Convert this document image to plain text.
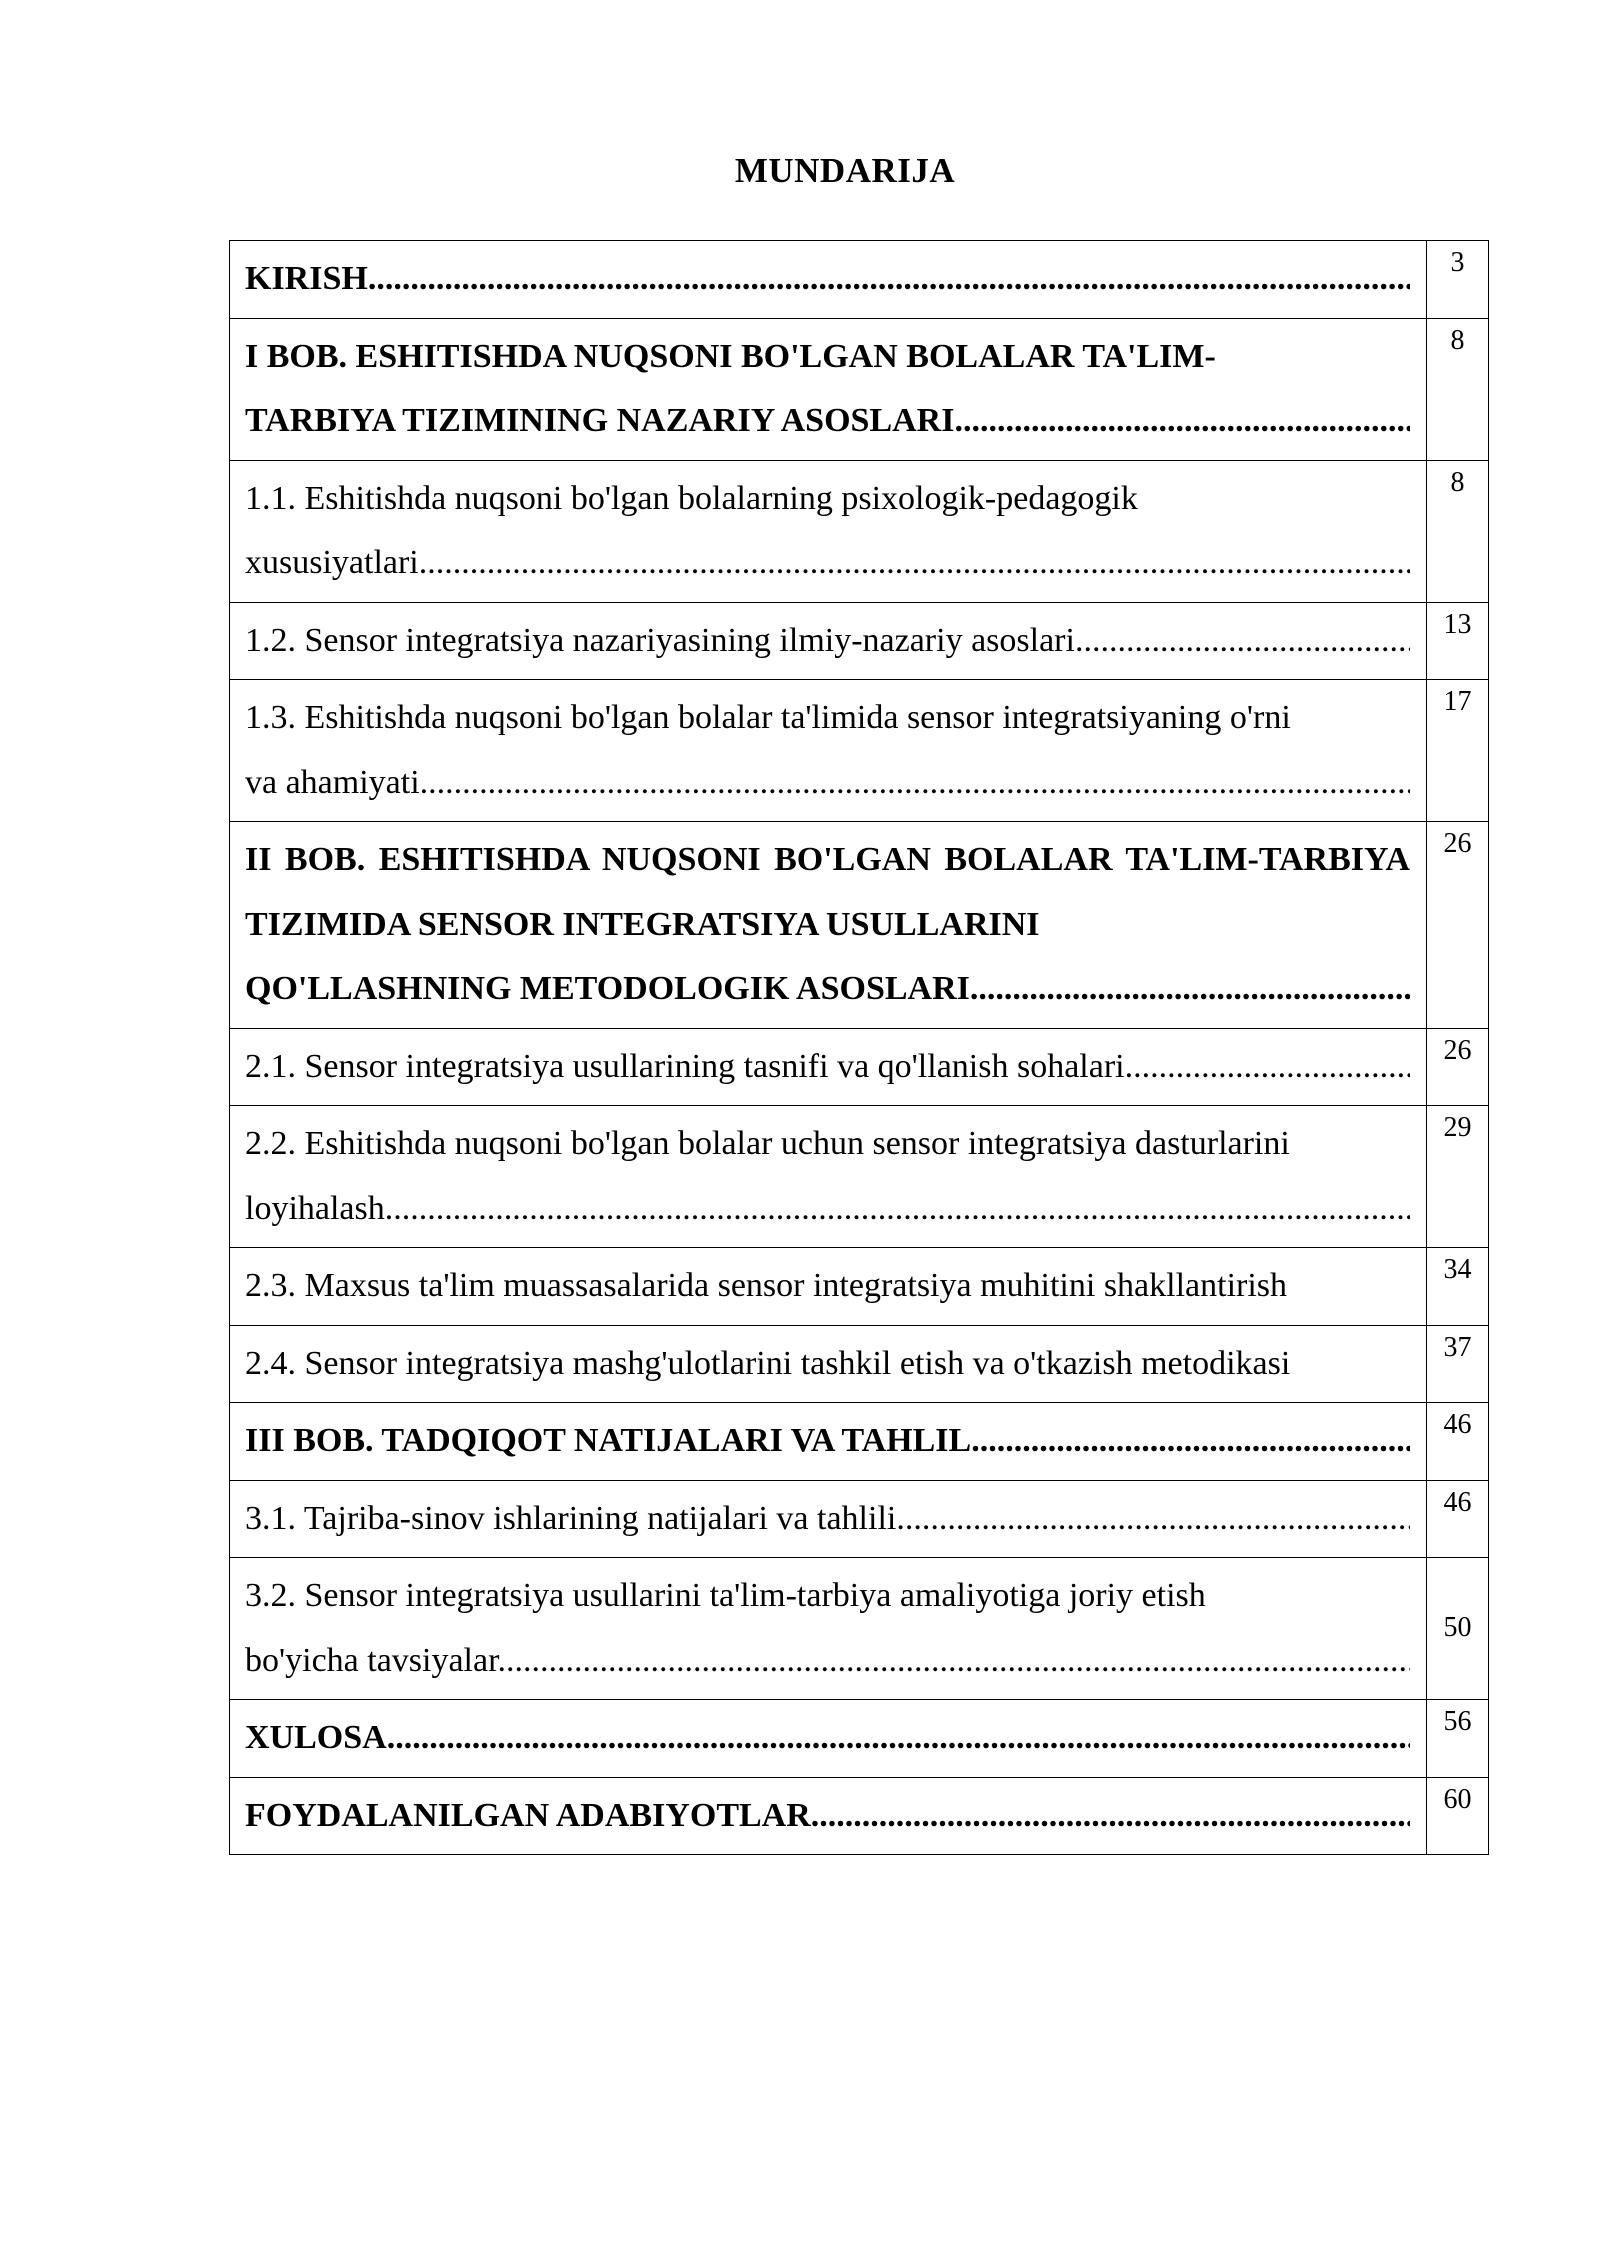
MUNDARIJA
KIRISH .....	3
I BOB. ESHITISHDA NUQSONI BO'LGAN BOLALAR TA'LIM-
TARBIYA TIZIMINING NAZARIY ASOSLARI .....	8
1.1. Eshitishda nuqsoni bo'lgan bolalarning psixologik-pedagogik
xususiyatlari .....	8

1.2. Sensor integratsiya nazariyasining ilmiy-nazariy asoslari .....	13
1.3. Eshitishda nuqsoni bo'lgan bolalar ta'limida sensor integratsiyaning o'rni
va ahamiyati .....	17
II BOB. ESHITISHDA NUQSONI BO'LGAN BOLALAR TA'LIM-TARBIYA TIZIMIDA SENSOR INTEGRATSIYA USULLARINI
QO'LLASHNING METODOLOGIK ASOSLARI .....	26

2.1. Sensor integratsiya usullarining tasnifi va qo'llanish sohalari .....	26
2.2. Eshitishda nuqsoni bo'lgan bolalar uchun sensor integratsiya dasturlarini
loyihalash .....	29
2.3. Maxsus ta'lim muassasalarida sensor integratsiya muhitini shakllantirish	34
2.4. Sensor integratsiya mashg'ulotlarini tashkil etish va o'tkazish metodikasi	37

III BOB. TADQIQOT NATIJALARI VA TAHLIL .....	46

3.1. Tajriba-sinov ishlarining natijalari va tahlili .....	46
3.2. Sensor integratsiya usullarini ta'lim-tarbiya amaliyotiga joriy etish
bo'yicha tavsiyalar .....	50

XULOSA .....	56

FOYDALANILGAN ADABIYOTLAR .....	60
